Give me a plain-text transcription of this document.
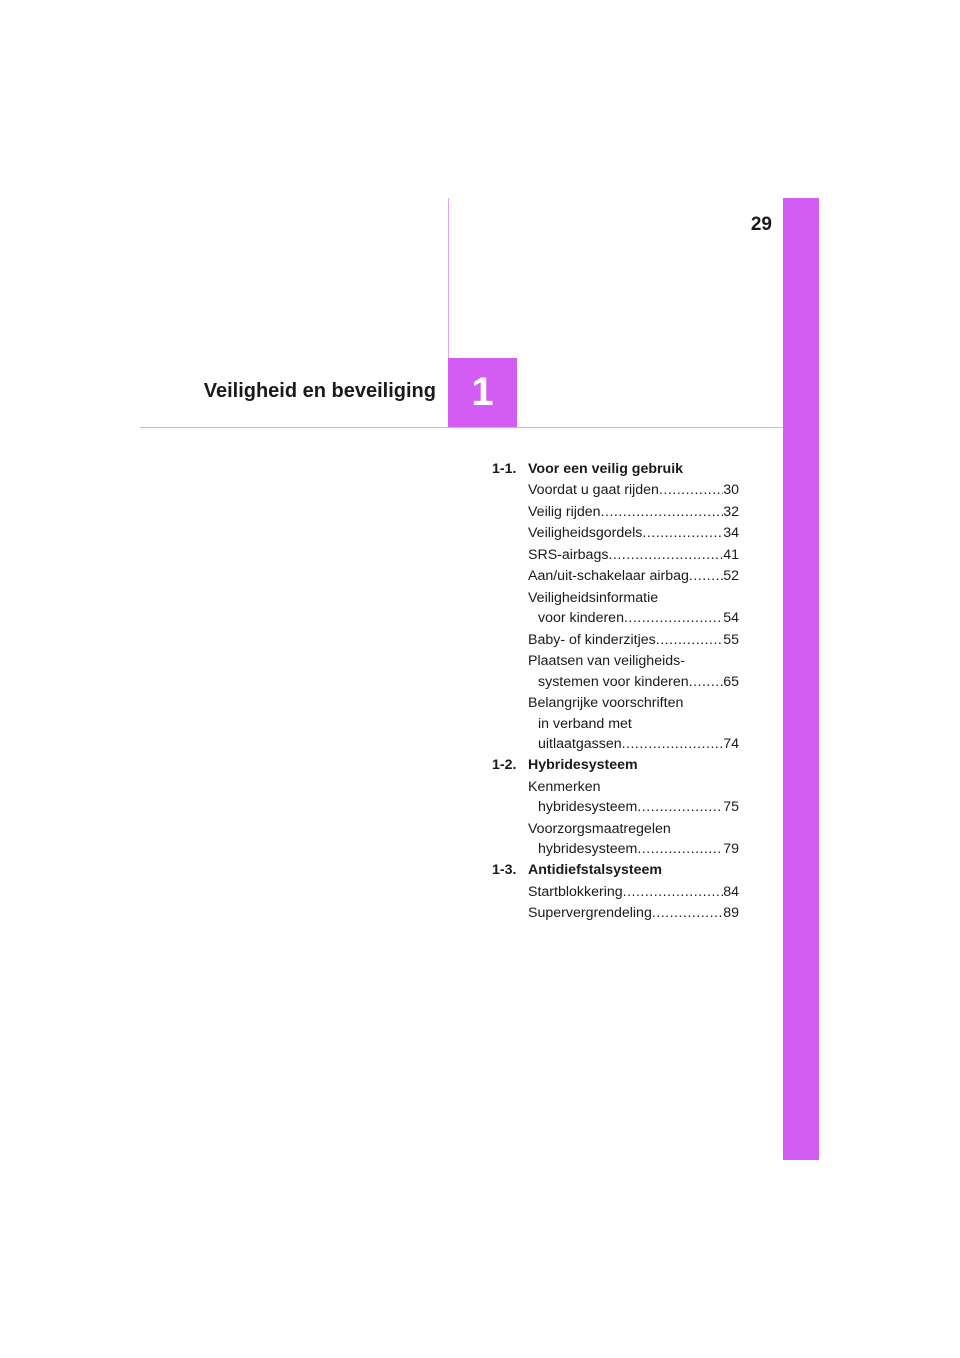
29
1
Veiligheid en beveiliging
1-1. Voor een veilig gebruik
Voordat u gaat rijden .....	30
Veilig rijden .....	32
Veiligheidsgordels .....	34
SRS-airbags .....	41
Aan/uit-schakelaar airbag ..... 52
Veiligheidsinformatie
voor kinderen .....	54
Baby- of kinderzitjes .....	55
Plaatsen van veiligheids-
systemen voor kinderen ..... 65
Belangrijke voorschriften
in verband met
uitlaatgassen .....	74
1-2. Hybridesysteem
Kenmerken
hybridesysteem .....	75
Voorzorgsmaatregelen
hybridesysteem .....	79
1-3. Antidiefstalsysteem
Startblokkering .....	84
Supervergrendeling .....	89
